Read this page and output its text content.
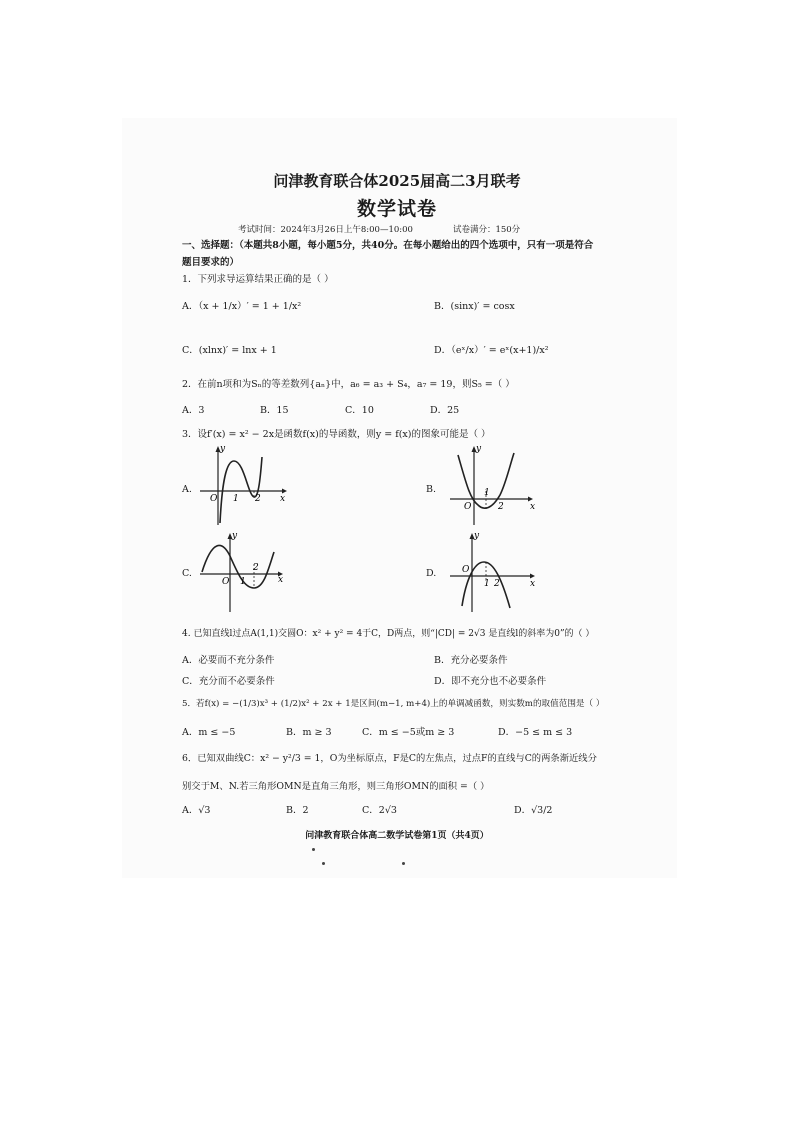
问津教育联合体2025届高二3月联考
数学试卷
考试时间：2024年3月26日上午8:00—10:00	试卷满分：150分
一、选择题：（本题共8小题，每小题5分，共40分。在每小题给出的四个选项中，只有一项是符合
题目要求的）
1．下列求导运算结果正确的是（ ）
A．（x + 1/x）′ = 1 + 1/x²	B．(sinx)′ = cosx
C．(xlnx)′ = lnx + 1	D．（eˣ/x）′ = eˣ(x+1)/x²
2．在前n项和为Sₙ的等差数列{aₙ}中，a₆ = a₃ + S₄，a₇ = 19，则S₅ =（ ）
A．3	B．15	C．10	D．25
3．设f′(x) = x² − 2x是函数f(x)的导函数，则y = f(x)的图象可能是（ ）
A.
y
x
O 1 2
B.
y
x
O
1
2
C.
y
x
O 1
2	D.
y
x
O
1 2
4. 已知直线l过点A(1,1)交圆O：x² + y² = 4于C，D两点，则“|CD| = 2√3 是直线l的斜率为0”的（ ）
A．必要而不充分条件	B．充分必要条件
C．充分而不必要条件	D．即不充分也不必要条件
5．若f(x) = −(1/3)x³ + (1/2)x² + 2x + 1是区间(m−1, m+4)上的单调减函数，则实数m的取值范围是（ ）
A．m ≤ −5	B．m ≥ 3	C．m ≤ −5或m ≥ 3	D．−5 ≤ m ≤ 3
6．已知双曲线C：x² − y²/3 = 1，O为坐标原点，F是C的左焦点，过点F的直线与C的两条渐近线分
别交于M、N.若三角形OMN是直角三角形，则三角形OMN的面积 =（ ）
A．√3	B．2	C．2√3	D．√3/2
问津教育联合体高二数学试卷第1页（共4页）
